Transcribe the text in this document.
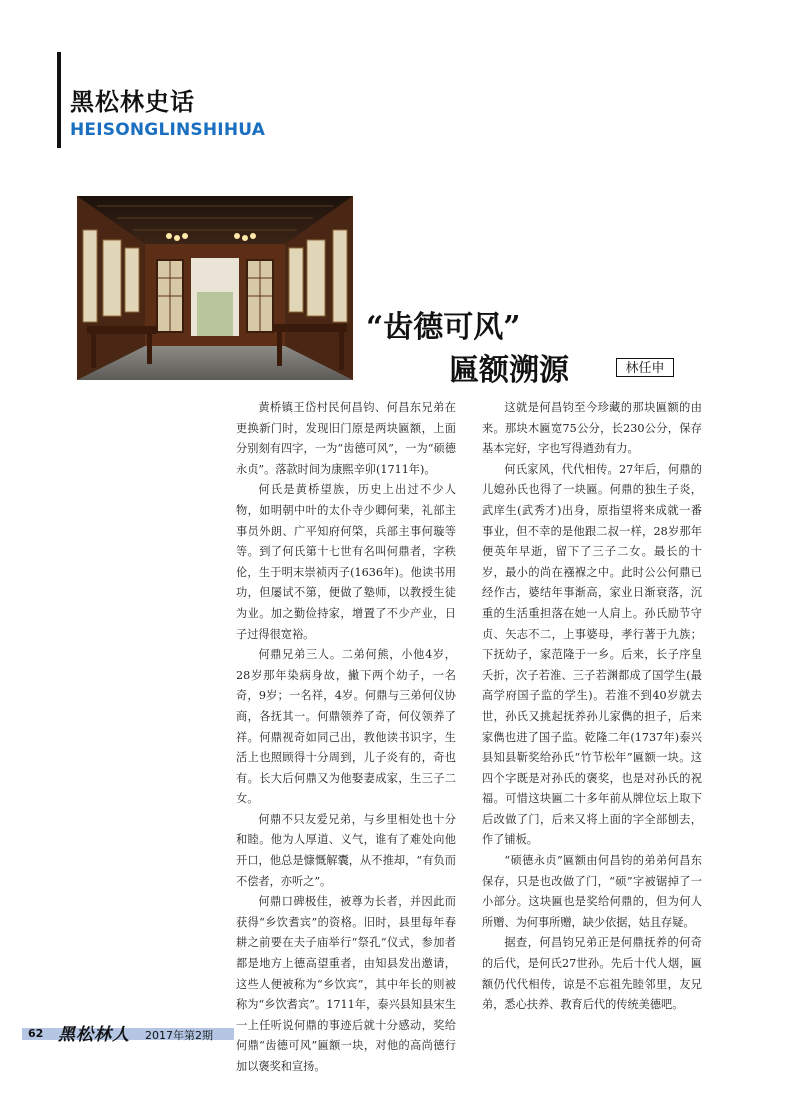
黑松林史话
HEISONGLINSHIHUA
“齿德可风”
匾额溯源	林任申

黄桥镇王岱村民何昌钧、何昌东兄弟在更换新门时，发现旧门原是两块匾额，上面分别刻有四字，一为“齿德可风”，一为“硕德永贞”。落款时间为康熙辛卯(1711年)。

何氏是黄桥望族，历史上出过不少人物，如明朝中叶的太仆寺少卿何棐，礼部主事员外朗、广平知府何棨，兵部主事何璇等等。到了何氏第十七世有名叫何鼎者，字秩伦，生于明末崇祯丙子(1636年)。他读书用功，但屡试不第，便做了塾师，以教授生徒为业。加之勤俭持家，增置了不少产业，日子过得很宽裕。

何鼎兄弟三人。二弟何熊，小他4岁，28岁那年染病身故，撇下两个幼子，一名奇，9岁；一名祥，4岁。何鼎与三弟何仪协商，各抚其一。何鼎领养了奇，何仪领养了祥。何鼎视奇如同己出，教他读书识字，生活上也照顾得十分周到，儿子炎有的，奇也有。长大后何鼎又为他娶妻成家，生三子二女。

何鼎不只友爱兄弟，与乡里相处也十分和睦。他为人厚道、义气，谁有了难处向他开口，他总是慷慨解囊，从不推却，“有负而不偿者，亦听之”。

何鼎口碑极佳，被尊为长者，并因此而获得“乡饮耆宾”的资格。旧时，县里每年春耕之前要在夫子庙举行“祭孔”仪式，参加者都是地方上德高望重者，由知县发出邀请，这些人便被称为“乡饮宾”，其中年长的则被称为“乡饮耆宾”。1711年，泰兴县知县宋生一上任听说何鼎的事迹后就十分感动，奖给何鼎“齿德可风”匾额一块，对他的高尚德行加以褒奖和宣扬。

这就是何昌钧至今珍藏的那块匾额的由来。那块木匾宽75公分，长230公分，保存基本完好，字也写得遒劲有力。

何氏家风，代代相传。27年后，何鼎的儿媳孙氏也得了一块匾。何鼎的独生子炎，武庠生(武秀才)出身，原指望将来成就一番事业，但不幸的是他跟二叔一样，28岁那年便英年早逝，留下了三子二女。最长的十岁，最小的尚在襁褓之中。此时公公何鼎已经作古，婆结年事渐高，家业日渐衰落，沉重的生活重担落在她一人肩上。孙氏励节守贞、矢志不二，上事婆母，孝行著于九族；下抚幼子，家范隆于一乡。后来，长子序皇夭折，次子若淮、三子若渊都成了国学生(最高学府国子监的学生)。若淮不到40岁就去世，孙氏又挑起抚养孙儿家儁的担子，后来家儁也进了国子监。乾隆二年(1737年)泰兴县知县靳奖给孙氏“竹节松年”匾额一块。这四个字既是对孙氏的褒奖，也是对孙氏的祝福。可惜这块匾二十多年前从牌位坛上取下后改做了门，后来又将上面的字全部刨去，作了铺板。

“硕德永贞”匾额由何昌钧的弟弟何昌东保存，只是也改做了门，“硕”字被锯掉了一小部分。这块匾也是奖给何鼎的，但为何人所赠、为何事所赠，缺少依据，姑且存疑。

据查，何昌钧兄弟正是何鼎抚养的何奇的后代，是何氏27世孙。先后十代人烟，匾额仍代代相传，谅是不忘祖先睦邻里，友兄弟，悉心扶养、教育后代的传统美德吧。

62 黑松林人 2017年第2期
